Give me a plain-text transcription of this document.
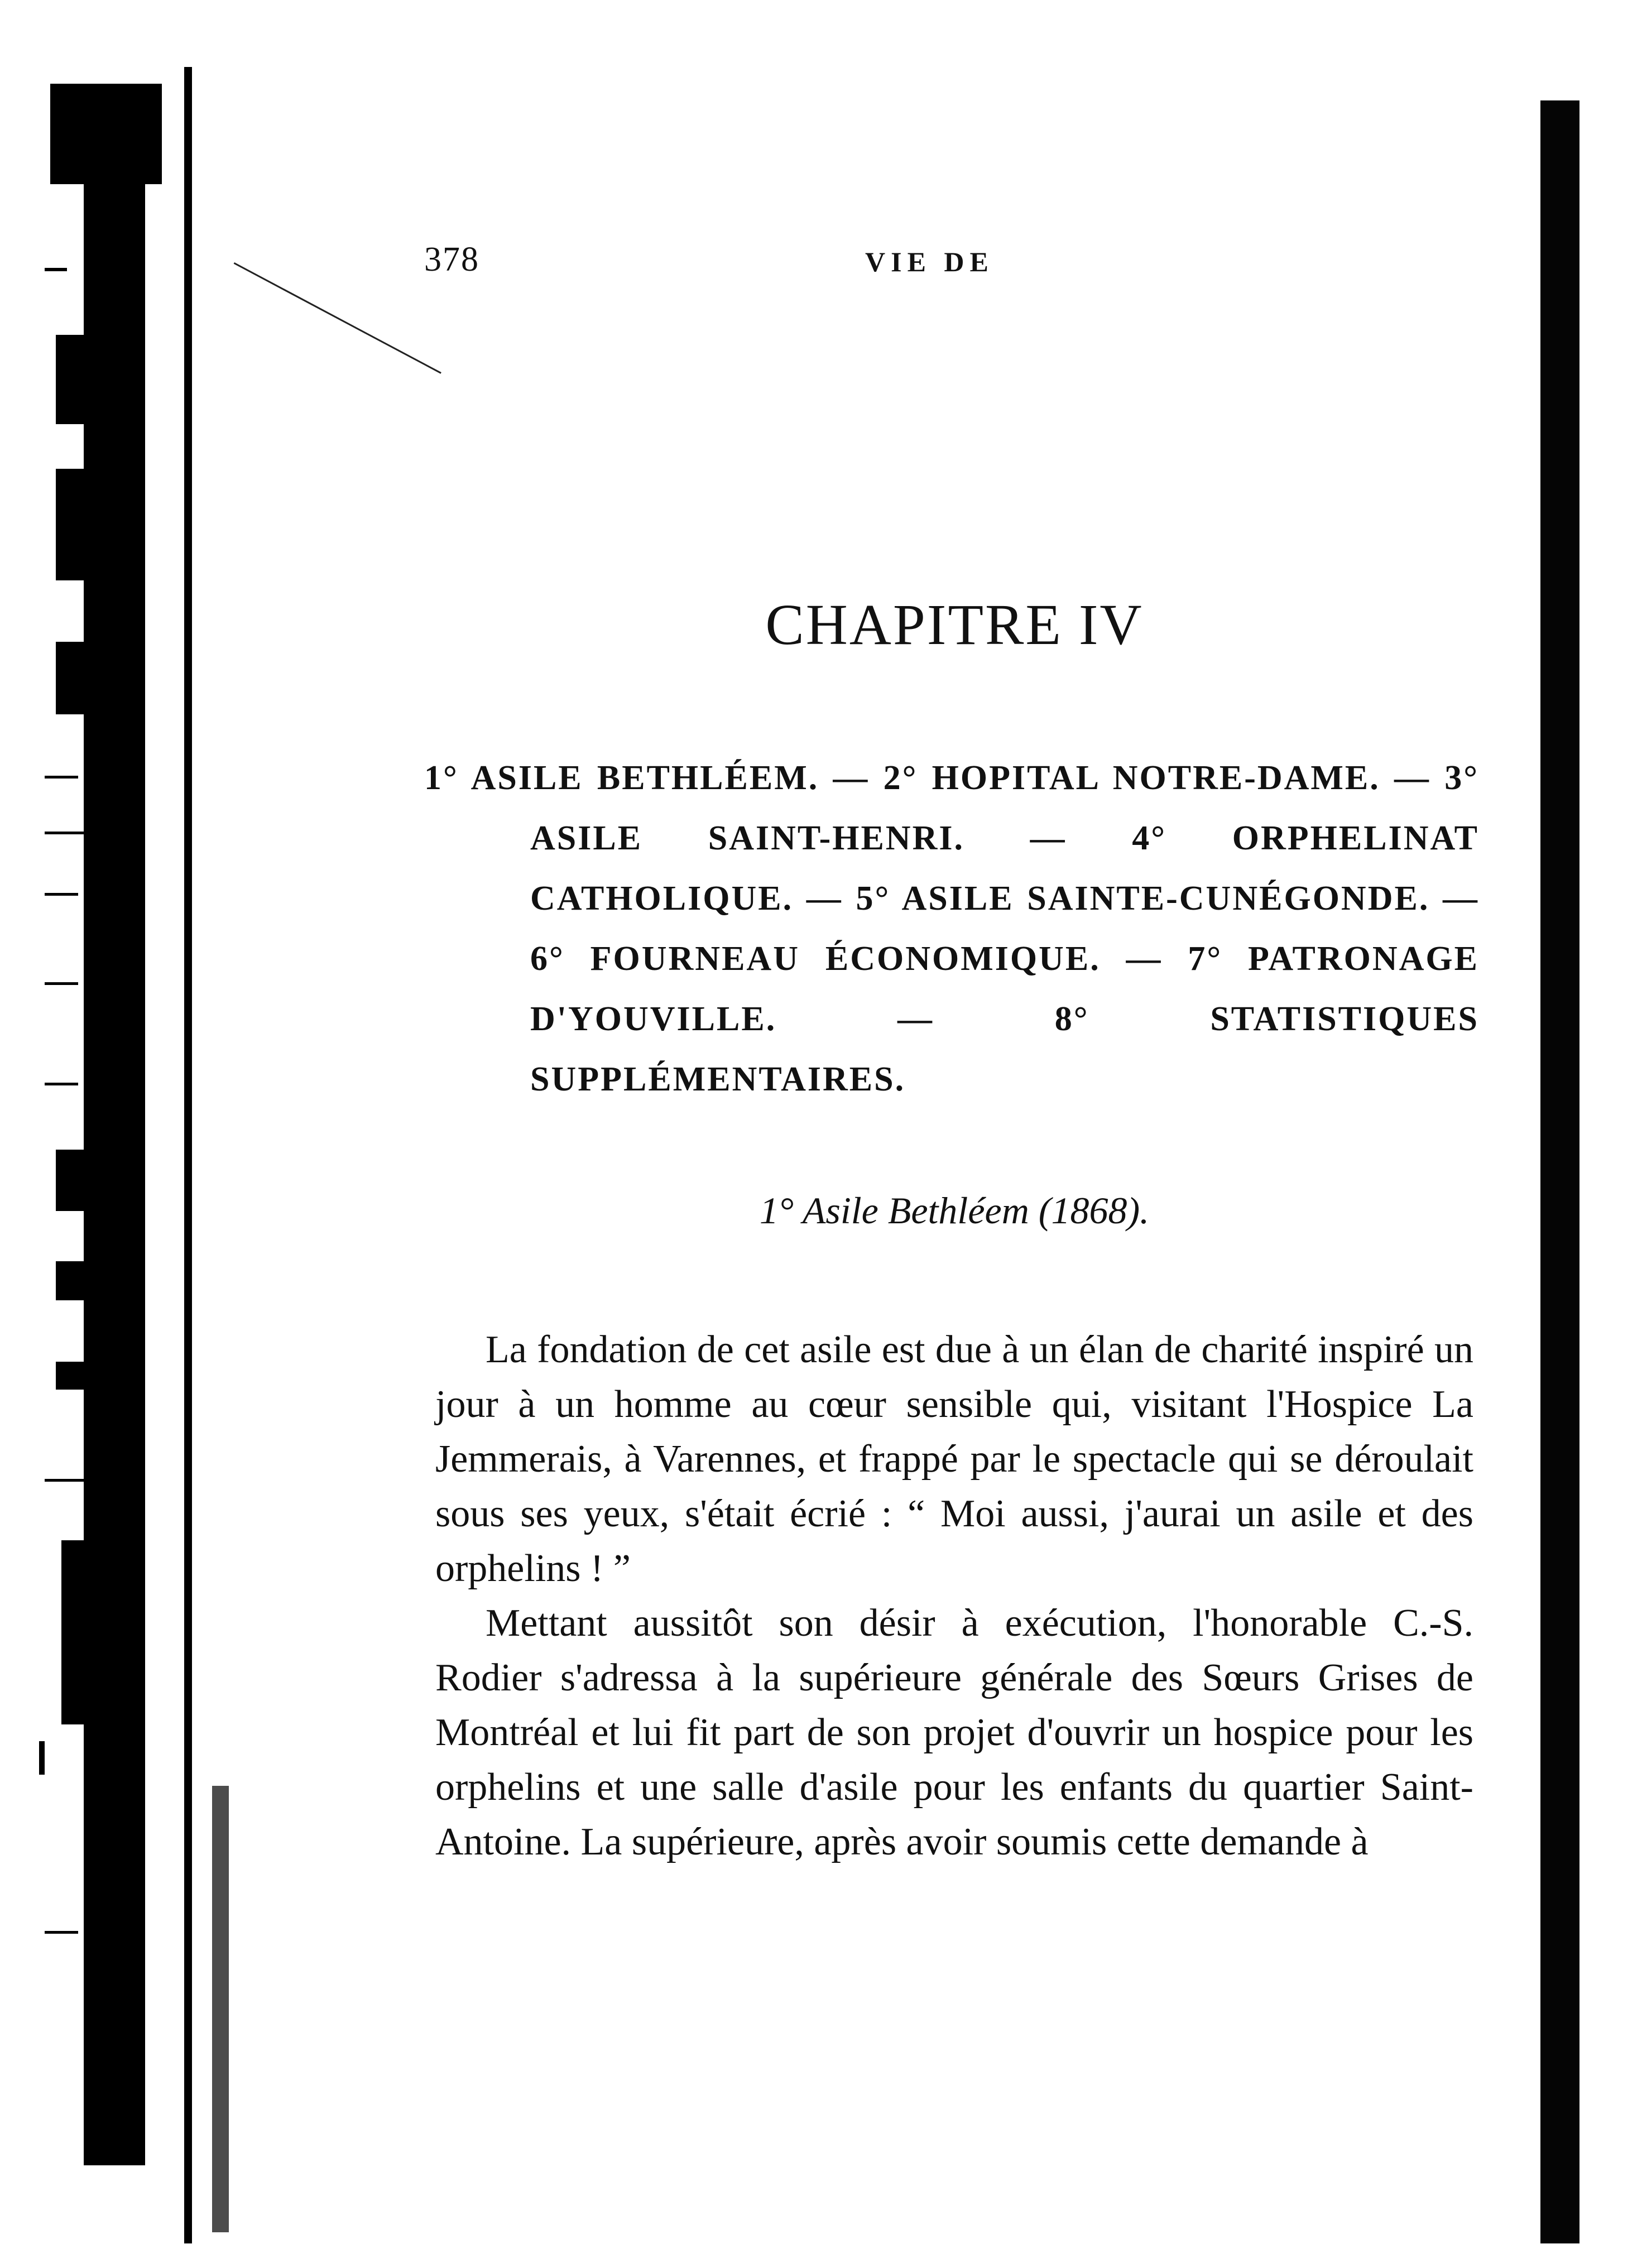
378	VIE DE
CHAPITRE IV
1° ASILE BETHLÉEM. — 2° HOPITAL NOTRE-DAME. — 3° ASILE SAINT-HENRI. — 4° ORPHELINAT CATHOLIQUE. — 5° ASILE SAINTE-CUNÉGONDE. — 6° FOURNEAU ÉCONOMIQUE. — 7° PATRONAGE D'YOUVILLE. — 8° STATISTIQUES SUPPLÉMENTAIRES.
1° Asile Bethléem (1868).

La fondation de cet asile est due à un élan de charité inspiré un jour à un homme au cœur sensible qui, visitant l'Hospice La Jemmerais, à Varennes, et frappé par le spectacle qui se déroulait sous ses yeux, s'était écrié : “ Moi aussi, j'aurai un asile et des orphelins ! ”

Mettant aussitôt son désir à exécution, l'honorable C.-S. Rodier s'adressa à la supérieure générale des Sœurs Grises de Montréal et lui fit part de son projet d'ouvrir un hospice pour les orphelins et une salle d'asile pour les enfants du quartier Saint-Antoine. La supérieure, après avoir soumis cette demande à
